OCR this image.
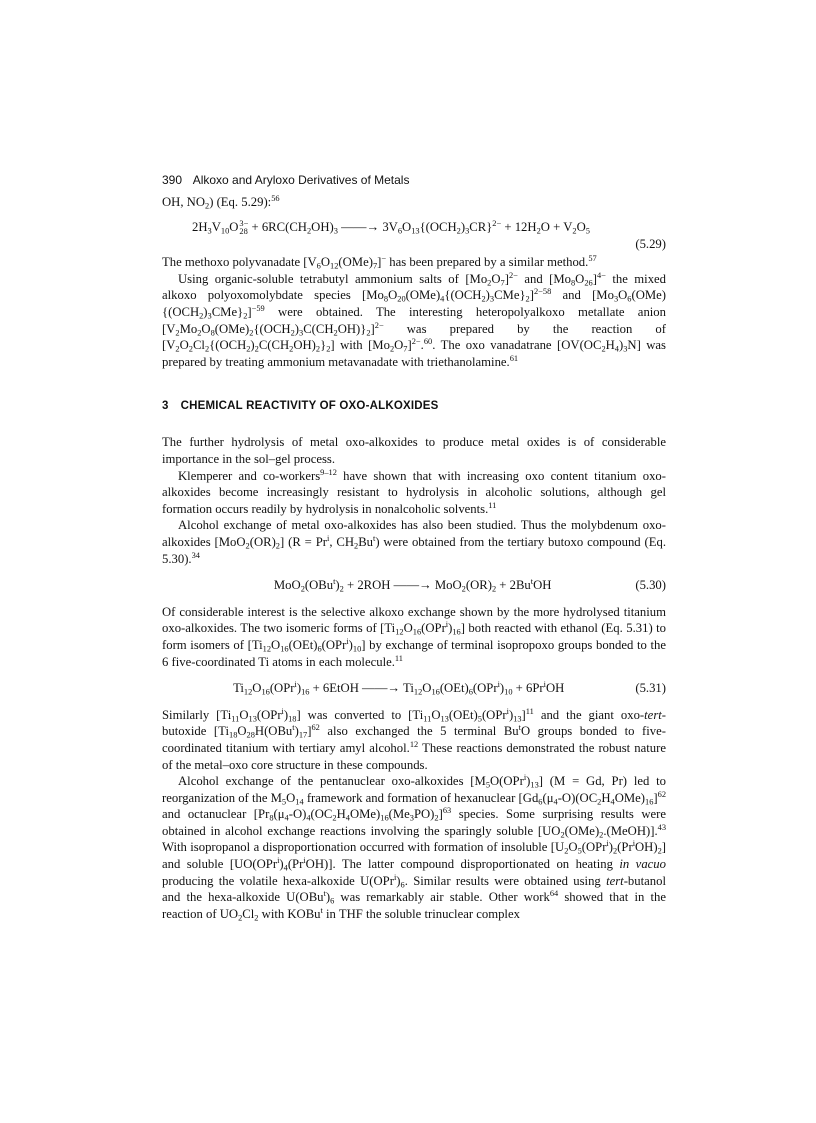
390 Alkoxo and Aryloxo Derivatives of Metals

OH, $NO_2$) (Eq. 5.29):$^{56}$

$2H_3V_{10}O$ 3−
$28 + 6RC(CH_2OH)_3$ ——→ $3V_6O_{13}\{(OCH_2)_3CR\}^{2-} + 12H_2O + V_2O_5$
(5.29)

The methoxo polyvanadate $[V_6O_{12}(OMe)_7]^-$ has been prepared by a similar method.$^{57}$

Using organic-soluble tetrabutyl ammonium salts of $[Mo_2O_7]^{2-}$ and $[Mo_8O_{26}]^{4-}$ the mixed alkoxo polyoxomolybdate species $[Mo_8O_{20}(OMe)_4\{(OCH_2)_3CMe\}_2]^{2-58}$ and $[Mo_3O_6(OMe)\{(OCH_2)_3CMe\}_2]^{-59}$ were obtained. The interesting heteropolyalkoxo metallate anion $[V_2Mo_2O_8(OMe)_2\{(OCH_2)_3C(CH_2OH)\}_2]^{2-}$ was prepared by the reaction of $[V_2O_2Cl_2\{(OCH_2)_2C(CH_2OH)_2\}_2]$ with $[Mo_2O_7]^{2-}.^{60}$. The oxo vanadatrane $[OV(OC_2H_4)_3N]$ was prepared by treating ammonium metavanadate with triethanolamine.$^{61}$

3 CHEMICAL REACTIVITY OF OXO-ALKOXIDES

The further hydrolysis of metal oxo-alkoxides to produce metal oxides is of considerable importance in the sol–gel process.

Klemperer and co-workers$^{9-12}$ have shown that with increasing oxo content titanium oxo-alkoxides become increasingly resistant to hydrolysis in alcoholic solutions, although gel formation occurs readily by hydrolysis in nonalcoholic solvents.$^{11}$

Alcohol exchange of metal oxo-alkoxides has also been studied. Thus the molybdenum oxo-alkoxides $[MoO_2(OR)_2] (R = Pr^i$, $CH_2Bu^t$) were obtained from the tertiary butoxo compound (Eq. 5.30).$^{34}$

$MoO_2(OBu^t)_2 + 2ROH$ ——→ $MoO_2(OR)_2 + 2Bu^tOH$	(5.30)

Of considerable interest is the selective alkoxo exchange shown by the more hydrolysed titanium oxo-alkoxides. The two isomeric forms of $[Ti_{12}O_{16}(OPr^i)_{16}]$ both reacted with ethanol (Eq. 5.31) to form isomers of $[Ti_{12}O_{16}(OEt)_6(OPr^i)_{10}]$ by exchange of terminal isopropoxo groups bonded to the 6 five-coordinated Ti atoms in each molecule.$^{11}$

$Ti_{12}O_{16}(OPr^i)_{16}$ + 6EtOH ——→ $Ti_{12}O_{16}(OEt)_6(OPr^i)_{10} + 6Pr^iOH$	(5.31)

Similarly $[Ti_{11}O_{13}(OPr^i)_{18}]$ was converted to $[Ti_{11}O_{13}(OEt)_5(OPr^i)_{13}]^{11}$ and the giant oxo-tert-butoxide $[Ti_{18}O_{28}H(OBu^t)_{17}]^{62}$ also exchanged the 5 terminal Bu$^t$O groups bonded to five-coordinated titanium with tertiary amyl alcohol.$^{12}$ These reactions demonstrated the robust nature of the metal–oxo core structure in these compounds.

Alcohol exchange of the pentanuclear oxo-alkoxides $[M_5O(OPr^i)_{13}] (M = Gd$, Pr) led to reorganization of the $M_5O_{14}$ framework and formation of hexanuclear $[Gd_6(\mu_4-O)(OC_2H_4OMe)_{16}]^{62}$ and octanuclear $[Pr_8(\mu_4-O)_4(OC_2H_4OMe)_{16}(Me_3PO)_2]^{63}$ species. Some surprising results were obtained in alcohol exchange reactions involving the sparingly soluble $[UO_2(OMe)_2.(MeOH)].^{43}$ With isopropanol a disproportionation occurred with formation of insoluble $[U_2O_5(OPr^i)_2(Pr^iOH)_2]$ and soluble $[UO(OPr^i)_4(Pr^iOH)]$. The latter compound disproportionated on heating in vacuo producing the volatile hexa-alkoxide $U(OPr^i)_6$. Similar results were obtained using tert-butanol and the hexa-alkoxide $U(OBu^t)_6$ was remarkably air stable. Other work$^{64}$ showed that in the reaction of $UO_2Cl_2$ with KOBu$^t$ in THF the soluble trinuclear complex
